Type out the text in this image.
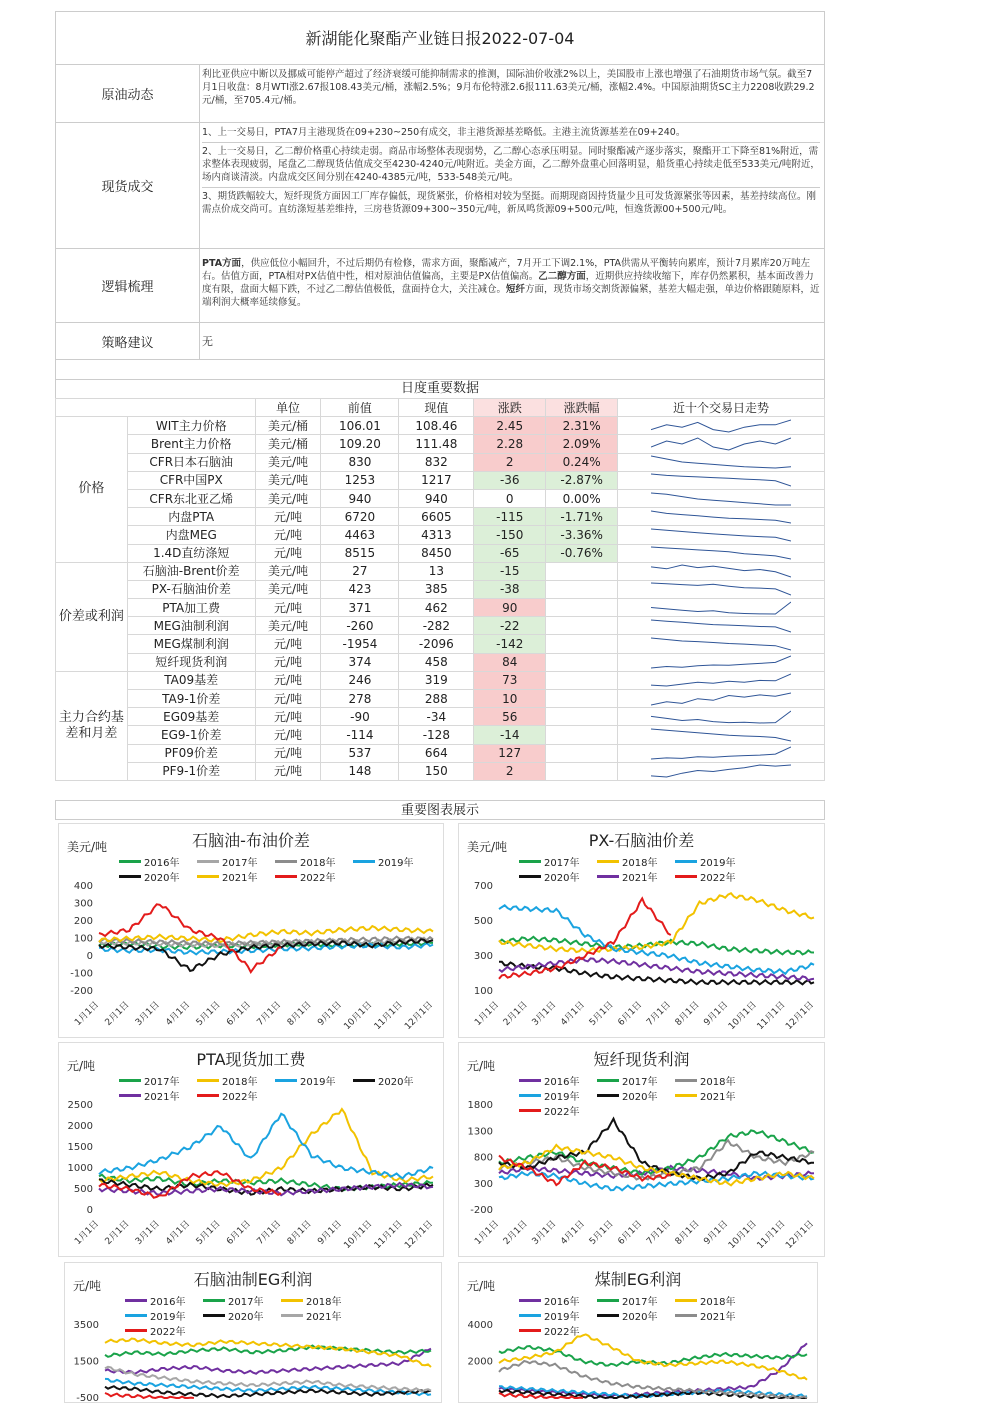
新湖能化聚酯产业链日报2022-07-04
原油动态
利比亚供应中断以及挪威可能停产超过了经济衰缓可能抑制需求的推测，国际油价收涨2%以上，美国股市上涨也增强了石油期货市场气氛。截至7月1日收盘：8月WTI涨2.67报108.43美元/桶，涨幅2.5%；9月布伦特涨2.6报111.63美元/桶，涨幅2.4%。中国原油期货SC主力2208收跌29.2元/桶，至705.4元/桶。
现货成交
1、上一交易日，PTA7月主港现货在09+230~250有成交，非主港货源基差略低。主港主流货源基差在09+240。
2、上一交易日，乙二醇价格重心持续走弱。商品市场整体表现弱势，乙二醇心态承压明显。同时聚酯减产逐步落实，聚酯开工下降至81%附近，需求整体表现疲弱，尾盘乙二醇现货估值成交至4230-4240元/吨附近。美金方面，乙二醇外盘重心回落明显，船货重心持续走低至533美元/吨附近，场内商谈清淡。内盘成交区间分别在4240-4385元/吨，533-548美元/吨。
3、期货跌幅较大，短纤现货方面因工厂库存偏低，现货紧张，价格相对较为坚挺。而期现商因持货量少且可发货源紧张等因素，基差持续高位。刚需点价成交尚可。直纺涤短基差维持，三房巷货源09+300~350元/吨，新凤鸣货源09+500元/吨，恒逸货源00+500元/吨。
逻辑梳理
PTA方面，供应低位小幅回升，不过后期仍有检修，需求方面，聚酯减产，7月开工下调2.1%，PTA供需从平衡转向累库，预计7月累库20万吨左右。估值方面，PTA相对PX估值中性，相对原油估值偏高，主要是PX估值偏高。乙二醇方面，近期供应持续收缩下，库存仍然累积，基本面改善力度有限，盘面大幅下跌，不过乙二醇估值极低，盘面持仓大，关注减仓。短纤方面，现货市场交割货源偏紧，基差大幅走强，单边价格跟随原料，近端利润大概率延续修复。
策略建议	无
日度重要数据
		单位	前值	现值	涨跌	涨跌幅	近十个交易日走势
价格	WIT主力价格	美元/桶	106.01	108.46	2.45	2.31%	

	Brent主力价格	美元/桶	109.20	111.48	2.28	2.09%	

	CFR日本石脑油	美元/吨	830	832	2	0.24%	

	CFR中国PX	美元/吨	1253	1217	-36	-2.87%	

	CFR东北亚乙烯	美元/吨	940	940	0	0.00%	

	内盘PTA	元/吨	6720	6605	-115	-1.71%	

	内盘MEG	元/吨	4463	4313	-150	-3.36%	

	1.4D直纺涤短	元/吨	8515	8450	-65	-0.76%	

价差或利润	石脑油-Brent价差	美元/吨	27	13	-15		

	PX-石脑油价差	美元/吨	423	385	-38		

	PTA加工费	元/吨	371	462	90		

	MEG油制利润	美元/吨	-260	-282	-22		

	MEG煤制利润	元/吨	-1954	-2096	-142		

	短纤现货利润	元/吨	374	458	84		

主力合约基差和月差	TA09基差	元/吨	246	319	73		

	TA9-1价差	元/吨	278	288	10		

	EG09基差	元/吨	-90	-34	56		

	EG9-1价差	元/吨	-114	-128	-14		

	PF09价差	元/吨	537	664	127		

	PF9-1价差	元/吨	148	150	2		
重要图表展示
石脑油-布油价差
美元/吨
2016年	2017年	2018年	2019年
2020年	2021年	2022年
400
300
200
100
0
-100
-200
1月1日 2月1日 3月1日 4月1日 5月1日 6月1日 7月1日 8月1日 9月1日
10月1日
11月1日
12月1日
PX-石脑油价差
美元/吨
2017年	2018年	2019年
2020年	2021年	2022年
700
500
300
100
1月1日 2月1日 3月1日 4月1日 5月1日 6月1日 7月1日 8月1日 9月1日
10月1日
11月1日
12月1日
PTA现货加工费
元/吨
2017年	2018年	2019年	2020年
2021年	2022年
2500
2000
1500
1000
500
0
1月1日 2月1日 3月1日 4月1日 5月1日 6月1日 7月1日 8月1日 9月1日
10月1日
11月1日
12月1日
短纤现货利润
元/吨
2016年	2017年	2018年
2019年	2020年	2021年
2022年
1800
1300
800
300
-200
1月1日 2月1日 3月1日 4月1日 5月1日 6月1日 7月1日 8月1日 9月1日
10月1日
11月1日
12月1日
石脑油制EG利润
元/吨
2016年	2017年	2018年
2019年	2020年	2021年
2022年
3500
1500
-500
煤制EG利润
元/吨
2016年	2017年	2018年
2019年	2020年	2021年
2022年
4000
2000
